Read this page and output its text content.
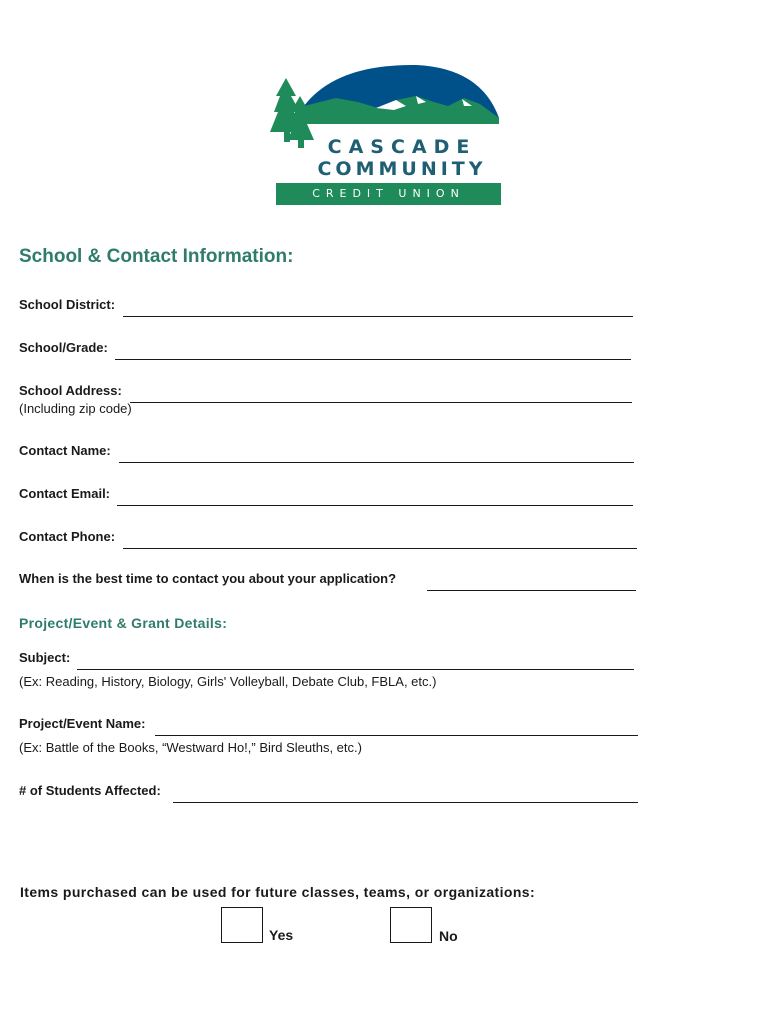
CASCADE
COMMUNITY
CREDIT UNION
School & Contact Information:
School District:
School/Grade:
School Address:
(Including zip code)
Contact Name:
Contact Email:
Contact Phone:
When is the best time to contact you about your application?
Project/Event & Grant Details:
Subject:
(Ex: Reading, History, Biology, Girls' Volleyball, Debate Club, FBLA, etc.)
Project/Event Name:
(Ex: Battle of the Books, “Westward Ho!,” Bird Sleuths, etc.)
# of Students Affected:
Items purchased can be used for future classes, teams, or organizations:
Yes	No
